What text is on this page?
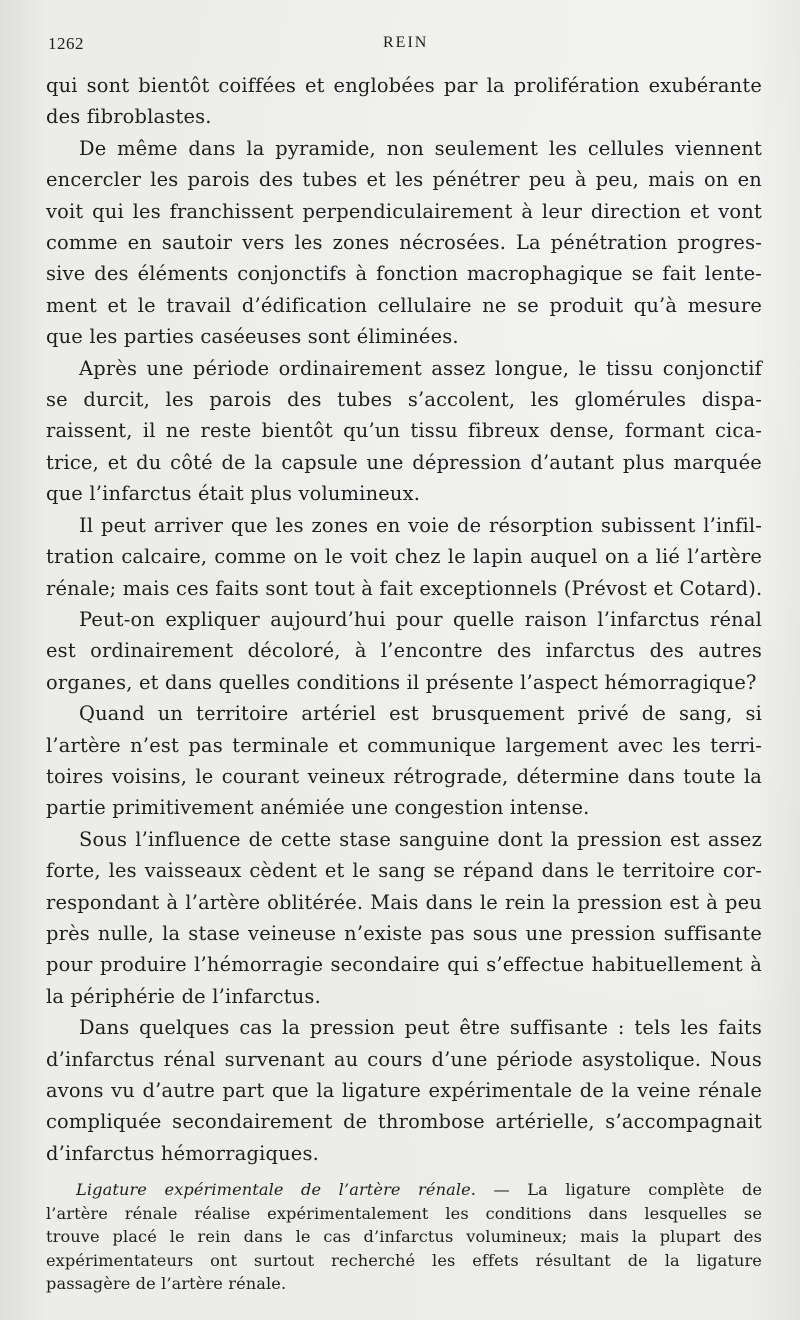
1262	REIN
qui sont bientôt coiffées et englobées par la prolifération exubérante
des fibroblastes.
De même dans la pyramide, non seulement les cellules viennent
encercler les parois des tubes et les pénétrer peu à peu, mais on en
voit qui les franchissent perpendiculairement à leur direction et vont
comme en sautoir vers les zones nécrosées. La pénétration progres-
sive des éléments conjonctifs à fonction macrophagique se fait lente-
ment et le travail d’édification cellulaire ne se produit qu’à mesure
que les parties caséeuses sont éliminées.
Après une période ordinairement assez longue, le tissu conjonctif
se durcit, les parois des tubes s’accolent, les glomérules dispa-
raissent, il ne reste bientôt qu’un tissu fibreux dense, formant cica-
trice, et du côté de la capsule une dépression d’autant plus marquée
que l’infarctus était plus volumineux.
Il peut arriver que les zones en voie de résorption subissent l’infil-
tration calcaire, comme on le voit chez le lapin auquel on a lié l’artère
rénale; mais ces faits sont tout à fait exceptionnels (Prévost et Cotard).
Peut-on expliquer aujourd’hui pour quelle raison l’infarctus rénal
est ordinairement décoloré, à l’encontre des infarctus des autres
organes, et dans quelles conditions il présente l’aspect hémorragique?
Quand un territoire artériel est brusquement privé de sang, si
l’artère n’est pas terminale et communique largement avec les terri-
toires voisins, le courant veineux rétrograde, détermine dans toute la
partie primitivement anémiée une congestion intense.
Sous l’influence de cette stase sanguine dont la pression est assez
forte, les vaisseaux cèdent et le sang se répand dans le territoire cor-
respondant à l’artère oblitérée. Mais dans le rein la pression est à peu
près nulle, la stase veineuse n’existe pas sous une pression suffisante
pour produire l’hémorragie secondaire qui s’effectue habituellement à
la périphérie de l’infarctus.
Dans quelques cas la pression peut être suffisante : tels les faits
d’infarctus rénal survenant au cours d’une période asystolique. Nous
avons vu d’autre part que la ligature expérimentale de la veine rénale
compliquée secondairement de thrombose artérielle, s’accompagnait
d’infarctus hémorragiques.
Ligature expérimentale de l’artère rénale. — La ligature complète de
l’artère rénale réalise expérimentalement les conditions dans lesquelles se
trouve placé le rein dans le cas d’infarctus volumineux; mais la plupart des
expérimentateurs ont surtout recherché les effets résultant de la ligature
passagère de l’artère rénale.
